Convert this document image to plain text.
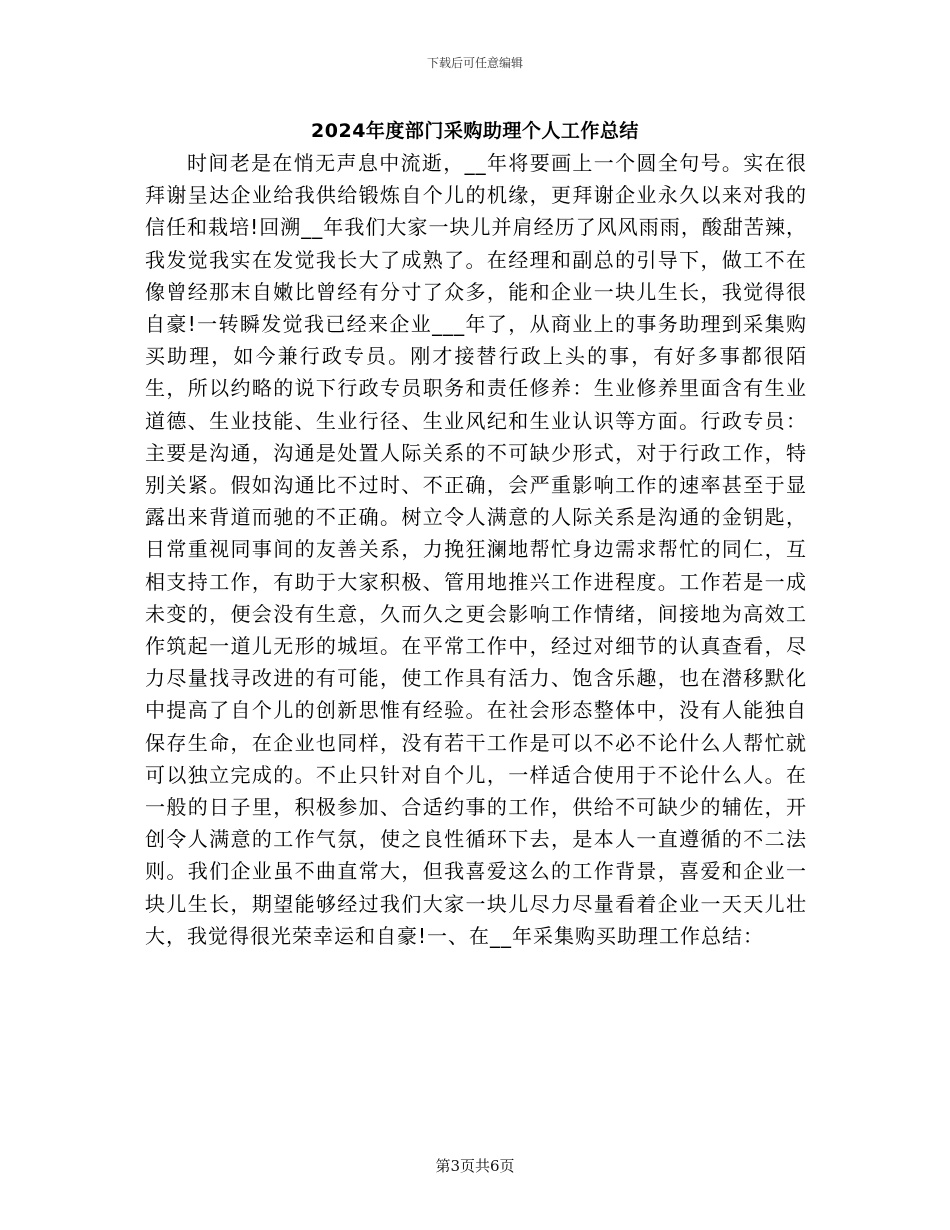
下载后可任意编辑
2024年度部门采购助理个人工作总结

时间老是在悄无声息中流逝，__年将要画上一个圆全句号。实在很拜谢呈达企业给我供给锻炼自个儿的机缘，更拜谢企业永久以来对我的信任和栽培!回溯__年我们大家一块儿并肩经历了风风雨雨，酸甜苦辣，我发觉我实在发觉我长大了成熟了。在经理和副总的引导下，做工不在像曾经那末自嫩比曾经有分寸了众多，能和企业一块儿生长，我觉得很自豪!一转瞬发觉我已经来企业___年了，从商业上的事务助理到采集购买助理，如今兼行政专员。刚才接替行政上头的事，有好多事都很陌生，所以约略的说下行政专员职务和责任修养：生业修养里面含有生业道德、生业技能、生业行径、生业风纪和生业认识等方面。行政专员：主要是沟通，沟通是处置人际关系的不可缺少形式，对于行政工作，特别关紧。假如沟通比不过时、不正确，会严重影响工作的速率甚至于显露出来背道而驰的不正确。树立令人满意的人际关系是沟通的金钥匙，日常重视同事间的友善关系，力挽狂澜地帮忙身边需求帮忙的同仁，互相支持工作，有助于大家积极、管用地推兴工作进程度。工作若是一成未变的，便会没有生意，久而久之更会影响工作情绪，间接地为高效工作筑起一道儿无形的城垣。在平常工作中，经过对细节的认真查看，尽力尽量找寻改进的有可能，使工作具有活力、饱含乐趣，也在潜移默化中提高了自个儿的创新思惟有经验。在社会形态整体中，没有人能独自保存生命，在企业也同样，没有若干工作是可以不必不论什么人帮忙就可以独立完成的。不止只针对自个儿，一样适合使用于不论什么人。在一般的日子里，积极参加、合适约事的工作，供给不可缺少的辅佐，开创令人满意的工作气氛，使之良性循环下去，是本人一直遵循的不二法则。我们企业虽不曲直常大，但我喜爱这么的工作背景，喜爱和企业一块儿生长，期望能够经过我们大家一块儿尽力尽量看着企业一天天儿壮大，我觉得很光荣幸运和自豪!一、在__年采集购买助理工作总结：

第3页共6页
